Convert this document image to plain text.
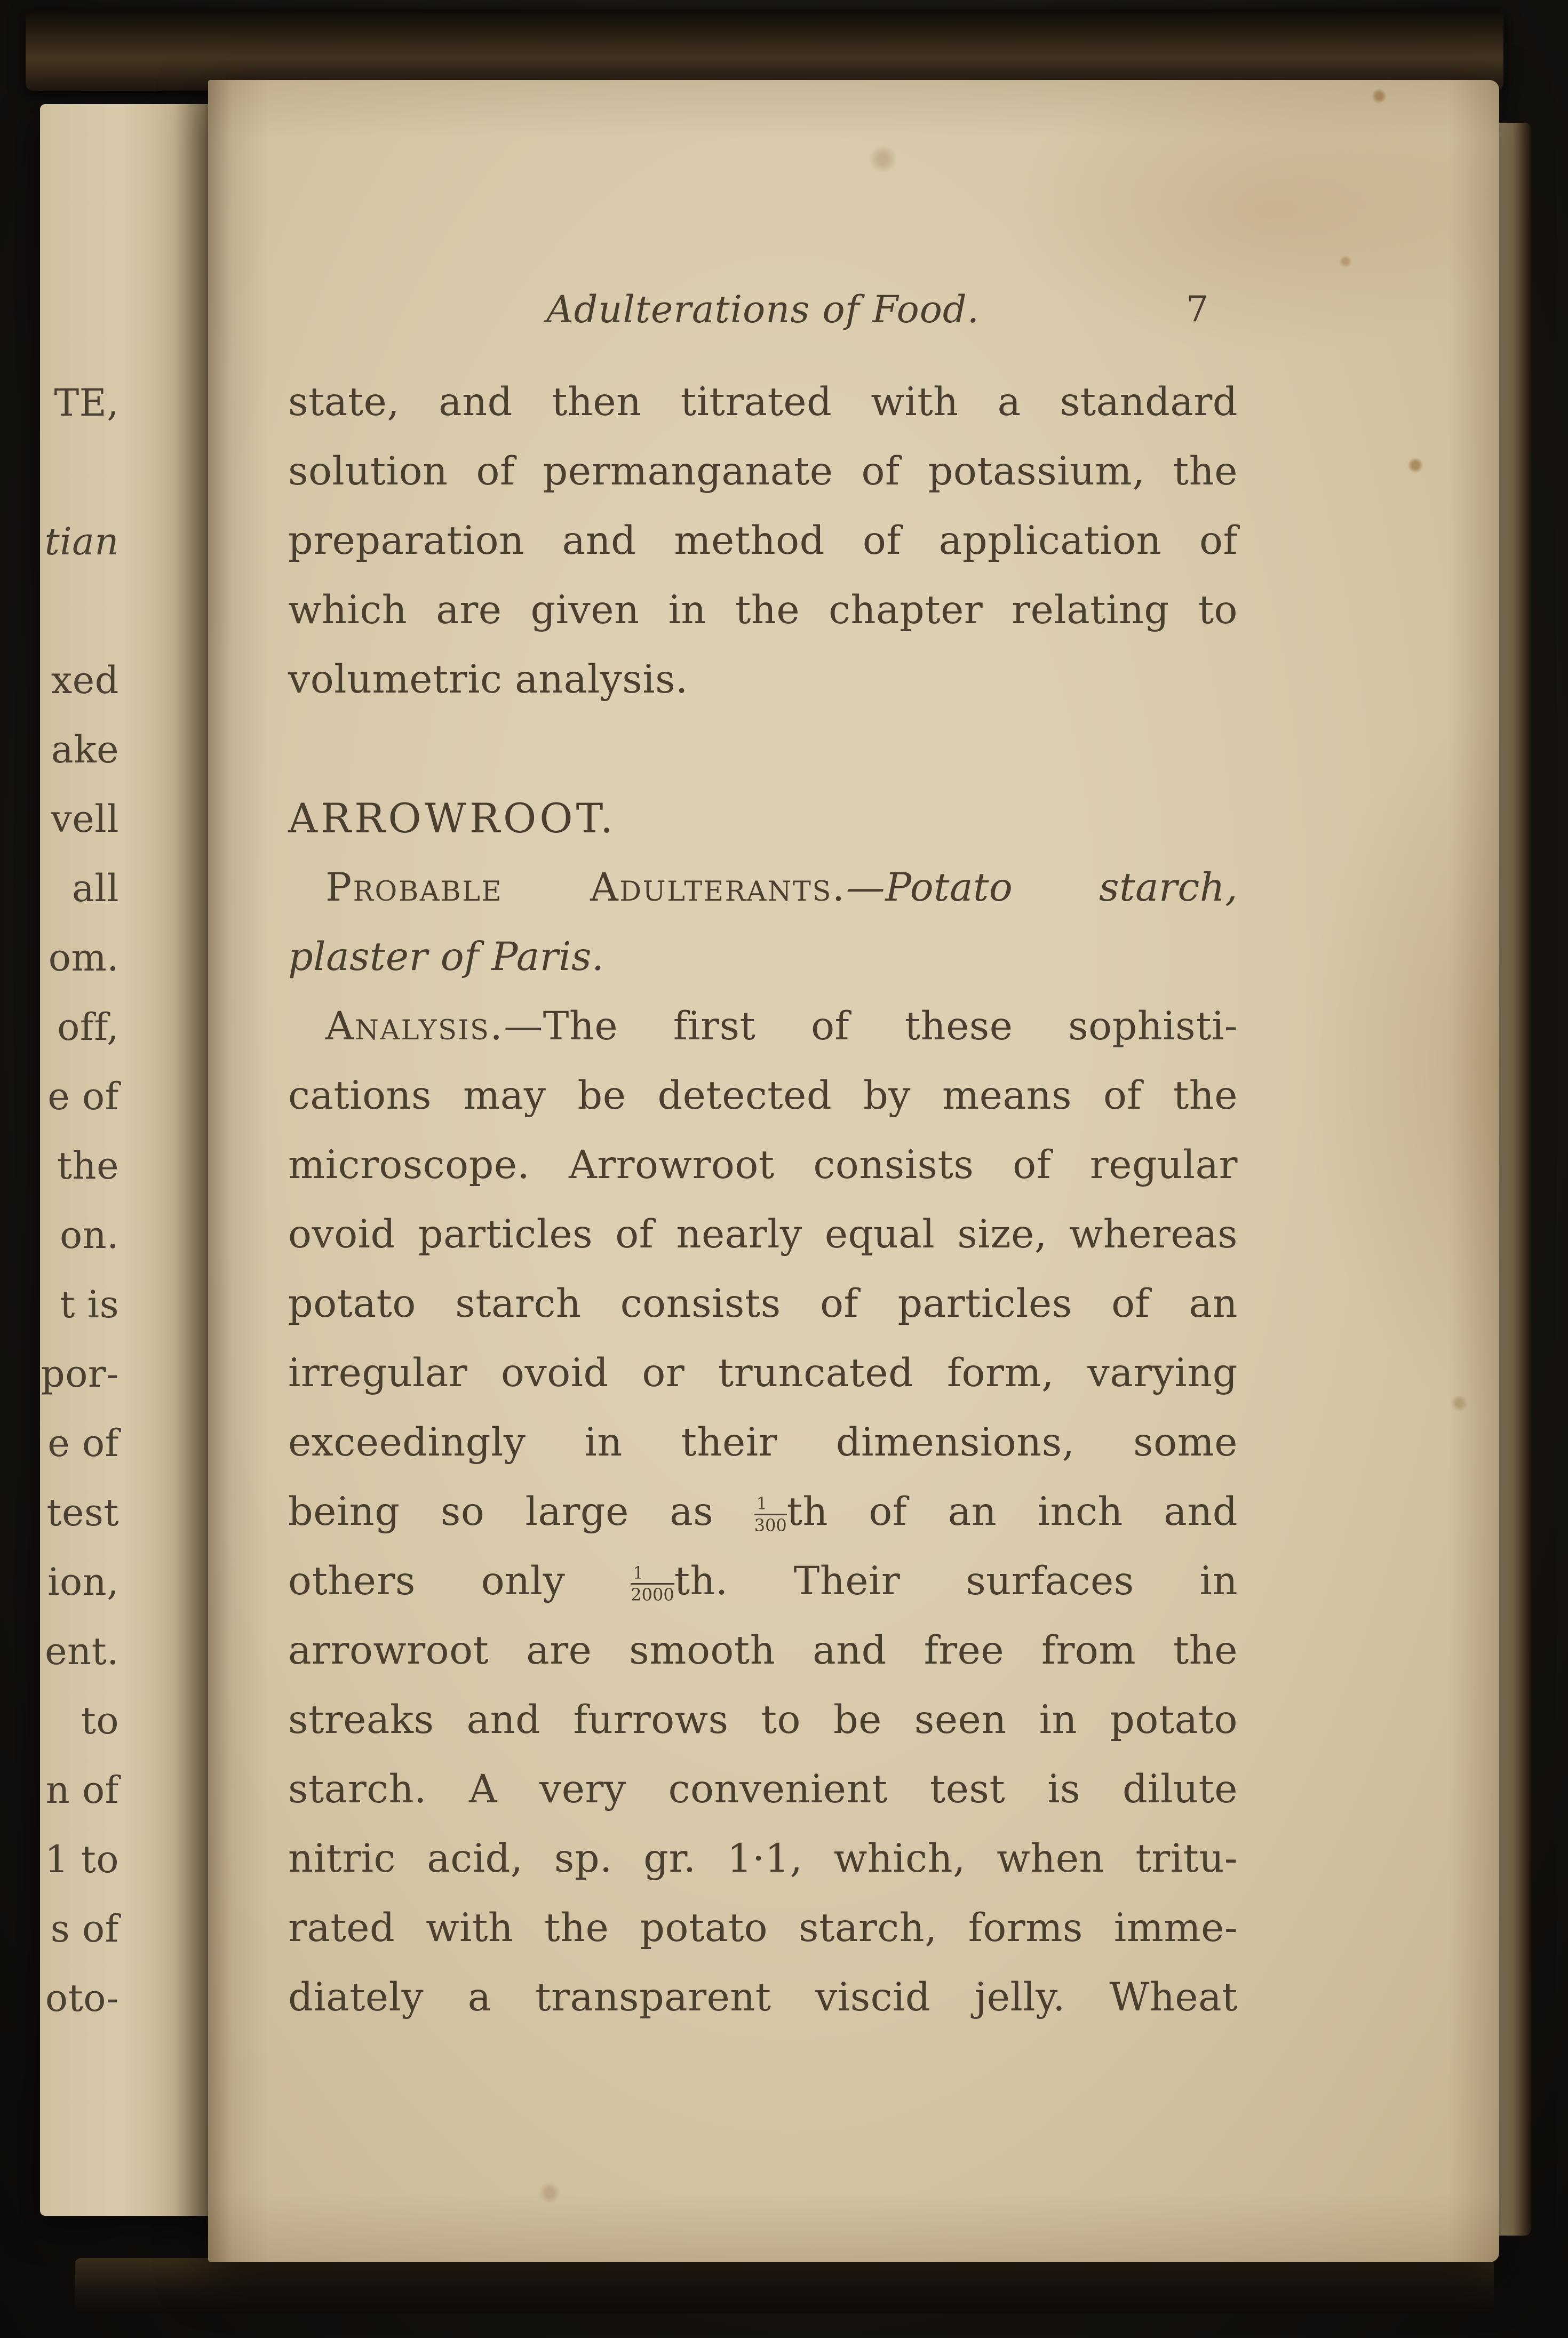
TE,
tian
xed
ake
vell
all
om.
off,
e of
the
on.
t is
por-
e of
test
ion,
ent.
to
n of
1 to
s of
oto-
Adulterations of Food.	7
state, and then titrated with a standard
solution of permanganate of potassium, the
preparation and method of application of
which are given in the chapter relating to
volumetric analysis.
ARROWROOT.
Probable Adulterants.—Potato starch,
plaster of Paris.
Analysis.—The first of these sophisti-
cations may be detected by means of the
microscope. Arrowroot consists of regular
ovoid particles of nearly equal size, whereas
potato starch consists of particles of an
irregular ovoid or truncated form, varying
exceedingly in their dimensions, some
being so large as $\frac{1}{300}$ th of an inch and
others only	$\frac{1}{2000}$ th. Their surfaces in
arrowroot are smooth and free from the
streaks and furrows to be seen in potato
starch. A very convenient test is dilute
nitric acid, sp. gr. 1·1, which, when tritu-
rated with the potato starch, forms imme-
diately a transparent viscid jelly. Wheat
